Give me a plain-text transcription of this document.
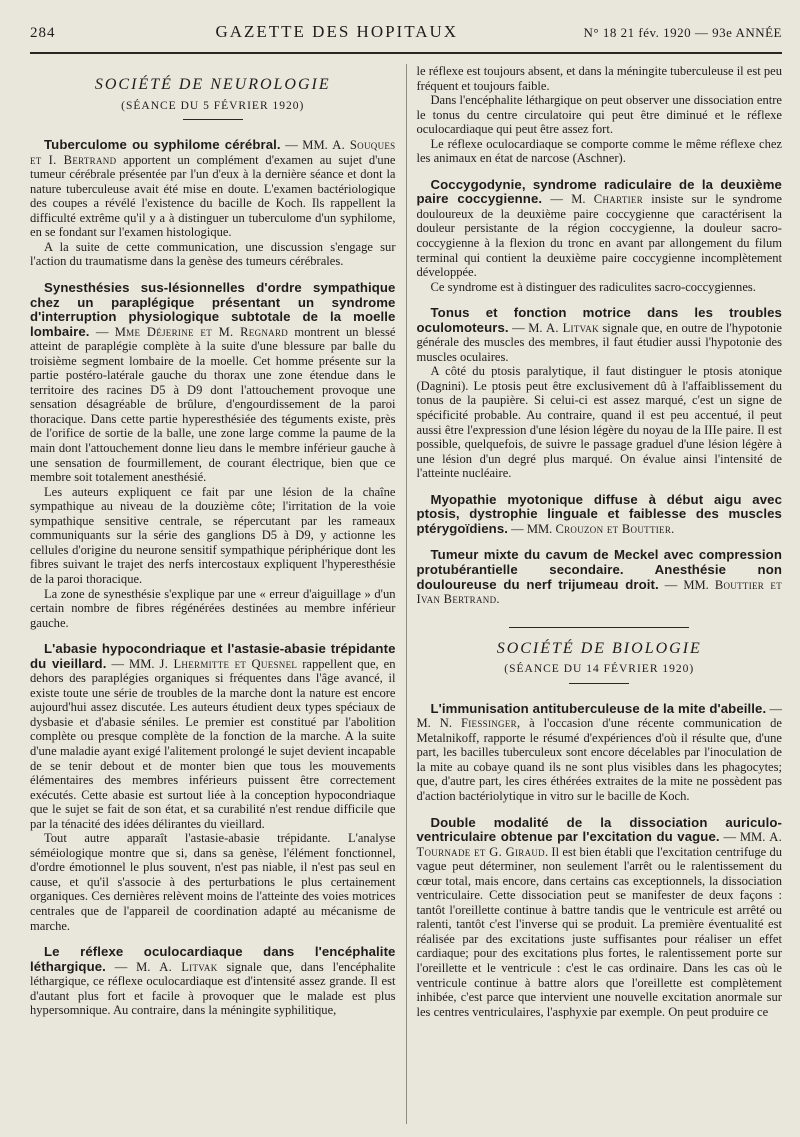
284	GAZETTE DES HOPITAUX	N° 18 21 fév. 1920 — 93e ANNÉE
SOCIÉTÉ DE NEUROLOGIE
(SÉANCE DU 5 FÉVRIER 1920)

Tuberculome ou syphilome cérébral. — MM. A. Souques et I. Bertrand apportent un complément d'examen au sujet d'une tumeur cérébrale présentée par l'un d'eux à la dernière séance et dont la nature tuberculeuse avait été mise en doute. L'examen bactériologique des coupes a révélé l'existence du bacille de Koch. Ils rappellent la difficulté extrême qu'il y a à distinguer un tuberculome d'un syphilome, en se fondant sur l'examen histologique.

A la suite de cette communication, une discussion s'engage sur l'action du traumatisme dans la genèse des tumeurs cérébrales.

Synesthésies sus-lésionnelles d'ordre sympathique chez un paraplégique présentant un syndrome d'interruption physiologique subtotale de la moelle lombaire. — Mme Déjerine et M. Regnard montrent un blessé atteint de paraplégie complète à la suite d'une blessure par balle du troisième segment lombaire de la moelle. Cet homme présente sur la partie postéro-latérale gauche du thorax une zone étendue dans le territoire des racines D5 à D9 dont l'attouchement provoque une sensation désagréable de brûlure, d'engourdissement de la paroi thoracique. Dans cette partie hyperesthésiée des téguments existe, près de l'orifice de sortie de la balle, une zone large comme la paume de la main dont l'attouchement donne lieu dans le membre inférieur gauche à une sensation de fourmillement, de courant électrique, bien que ce membre soit totalement anesthésié.

Les auteurs expliquent ce fait par une lésion de la chaîne sympathique au niveau de la douzième côte; l'irritation de la voie sympathique sensitive centrale, se répercutant par les rameaux communiquants sur la série des ganglions D5 à D9, y actionne les cellules d'origine du neurone sensitif sympathique périphérique dont les fibres suivant le trajet des nerfs intercostaux expliquent l'hyperesthésie de la paroi thoracique.

La zone de synesthésie s'explique par une « erreur d'aiguillage » d'un certain nombre de fibres régénérées destinées au membre inférieur gauche.

L'abasie hypocondriaque et l'astasie-abasie trépidante du vieillard. — MM. J. Lhermitte et Quesnel rappellent que, en dehors des paraplégies organiques si fréquentes dans l'âge avancé, il existe toute une série de troubles de la marche dont la nature est encore aujourd'hui assez discutée. Les auteurs étudient deux types spéciaux de dysbasie et d'abasie séniles. Le premier est constitué par l'abolition complète ou presque complète de la fonction de la marche. A la suite d'une maladie ayant exigé l'alitement prolongé le sujet devient incapable de se tenir debout et de monter bien que tous les mouvements élémentaires des membres inférieurs puissent être correctement exécutés. Cette abasie est surtout liée à la conception hypocondriaque que le sujet se fait de son état, et sa curabilité n'est rendue difficile que par la ténacité des idées délirantes du vieillard.

Tout autre apparaît l'astasie-abasie trépidante. L'analyse séméiologique montre que si, dans sa genèse, l'élément fonctionnel, d'ordre émotionnel le plus souvent, n'est pas niable, il n'est pas seul en cause, et qu'il s'associe à des perturbations le plus certainement organiques. Ces dernières relèvent moins de l'atteinte des voies motrices centrales que de l'appareil de coordination adapté au mécanisme de marche.

Le réflexe oculocardiaque dans l'encéphalite léthargique. — M. A. Litvak signale que, dans l'encéphalite léthargique, ce réflexe oculocardiaque est d'intensité assez grande. Il est d'autant plus fort et facile à provoquer que le malade est plus hypersomnique. Au contraire, dans la méningite syphilitique,

le réflexe est toujours absent, et dans la méningite tuberculeuse il est peu fréquent et toujours faible.

Dans l'encéphalite léthargique on peut observer une dissociation entre le tonus du centre circulatoire qui peut être diminué et le réflexe oculocardiaque qui peut être assez fort.

Le réflexe oculocardiaque se comporte comme le même réflexe chez les animaux en état de narcose (Aschner).

Coccygodynie, syndrome radiculaire de la deuxième paire coccygienne. — M. Chartier insiste sur le syndrome douloureux de la deuxième paire coccygienne que caractérisent la douleur persistante de la région coccygienne, la douleur sacro-coccygienne à la flexion du tronc en avant par allongement du filum terminal qui contient la deuxième paire coccygienne incomplètement développée.

Ce syndrome est à distinguer des radiculites sacro-coccygiennes.

Tonus et fonction motrice dans les troubles oculomoteurs. — M. A. Litvak signale que, en outre de l'hypotonie générale des muscles des membres, il faut étudier aussi l'hypotonie des muscles oculaires.

A côté du ptosis paralytique, il faut distinguer le ptosis atonique (Dagnini). Le ptosis peut être exclusivement dû à l'affaiblissement du tonus de la paupière. Si celui-ci est assez marqué, c'est un signe de spécificité probable. Au contraire, quand il est peu accentué, il peut aussi être l'expression d'une lésion légère du noyau de la IIIe paire. Il est possible, quelquefois, de suivre le passage graduel d'une lésion légère à une lésion d'un degré plus marqué. On évalue ainsi l'intensité de l'atteinte nucléaire.

Myopathie myotonique diffuse à début aigu avec ptosis, dystrophie linguale et faiblesse des muscles ptérygoïdiens. — MM. Crouzon et Bouttier.

Tumeur mixte du cavum de Meckel avec compression protubérantielle secondaire. Anesthésie non douloureuse du nerf trijumeau droit. — MM. Bouttier et Ivan Bertrand.

SOCIÉTÉ DE BIOLOGIE
(SÉANCE DU 14 FÉVRIER 1920)

L'immunisation antituberculeuse de la mite d'abeille. — M. N. Fiessinger, à l'occasion d'une récente communication de Metalnikoff, rapporte le résumé d'expériences d'où il résulte que, d'une part, les bacilles tuberculeux sont encore décelables par l'inoculation de la mite au cobaye quand ils ne sont plus visibles dans les phagocytes; que, d'autre part, les cires éthérées extraites de la mite ne possèdent pas d'action bactériolytique in vitro sur le bacille de Koch.

Double modalité de la dissociation auriculo-ventriculaire obtenue par l'excitation du vague. — MM. A. Tournade et G. Giraud. Il est bien établi que l'excitation centrifuge du vague peut déterminer, non seulement l'arrêt ou le ralentissement du cœur total, mais encore, dans certains cas exceptionnels, la dissociation ventriculaire. Cette dissociation peut se manifester de deux façons : tantôt l'oreillette continue à battre tandis que le ventricule est arrêté ou ralenti, tantôt c'est l'inverse qui se produit. La première éventualité est réalisée par des excitations juste suffisantes pour réaliser un effet cardiaque; pour des excitations plus fortes, le ralentissement porte sur l'oreillette et le ventricule : c'est le cas ordinaire. Dans les cas où le ventricule continue à battre alors que l'oreillette est complètement inhibée, c'est parce que intervient une nouvelle excitation anormale sur les centres ventriculaires, l'asphyxie par exemple. On peut produire ce
